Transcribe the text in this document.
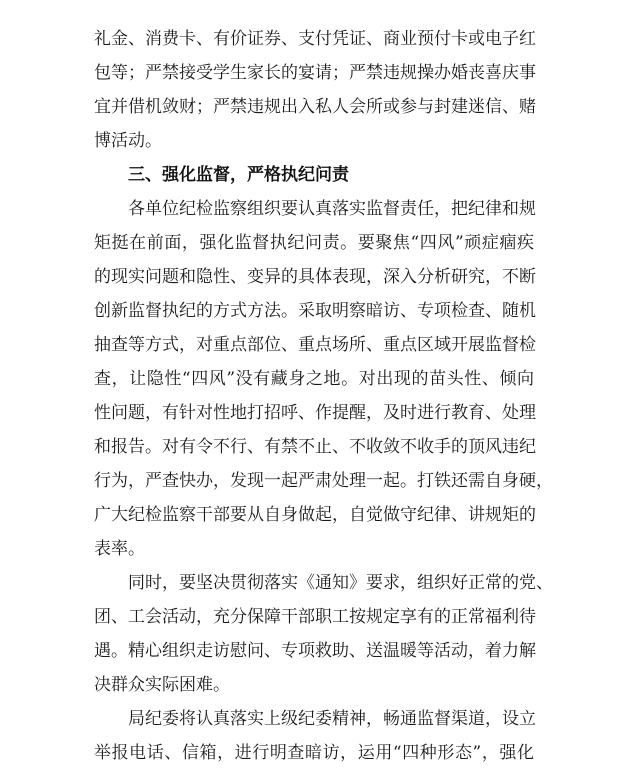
礼金、消费卡、有价证券、支付凭证、商业预付卡或电子红
包等；严禁接受学生家长的宴请；严禁违规操办婚丧喜庆事
宜并借机敛财；严禁违规出入私人会所或参与封建迷信、赌
博活动。
三、强化监督，严格执纪问责
各单位纪检监察组织要认真落实监督责任，把纪律和规
矩挺在前面，强化监督执纪问责。要聚焦“四风”顽症痼疾
的现实问题和隐性、变异的具体表现，深入分析研究，不断
创新监督执纪的方式方法。采取明察暗访、专项检查、随机
抽查等方式，对重点部位、重点场所、重点区域开展监督检
查，让隐性“四风”没有藏身之地。对出现的苗头性、倾向
性问题，有针对性地打招呼、作提醒，及时进行教育、处理
和报告。对有令不行、有禁不止、不收敛不收手的顶风违纪
行为，严查快办，发现一起严肃处理一起。打铁还需自身硬，
广大纪检监察干部要从自身做起，自觉做守纪律、讲规矩的
表率。
同时，要坚决贯彻落实《通知》要求，组织好正常的党、
团、工会活动，充分保障干部职工按规定享有的正常福利待
遇。精心组织走访慰问、专项救助、送温暖等活动，着力解
决群众实际困难。
局纪委将认真落实上级纪委精神，畅通监督渠道，设立
举报电话、信箱，进行明查暗访，运用“四种形态”，强化
